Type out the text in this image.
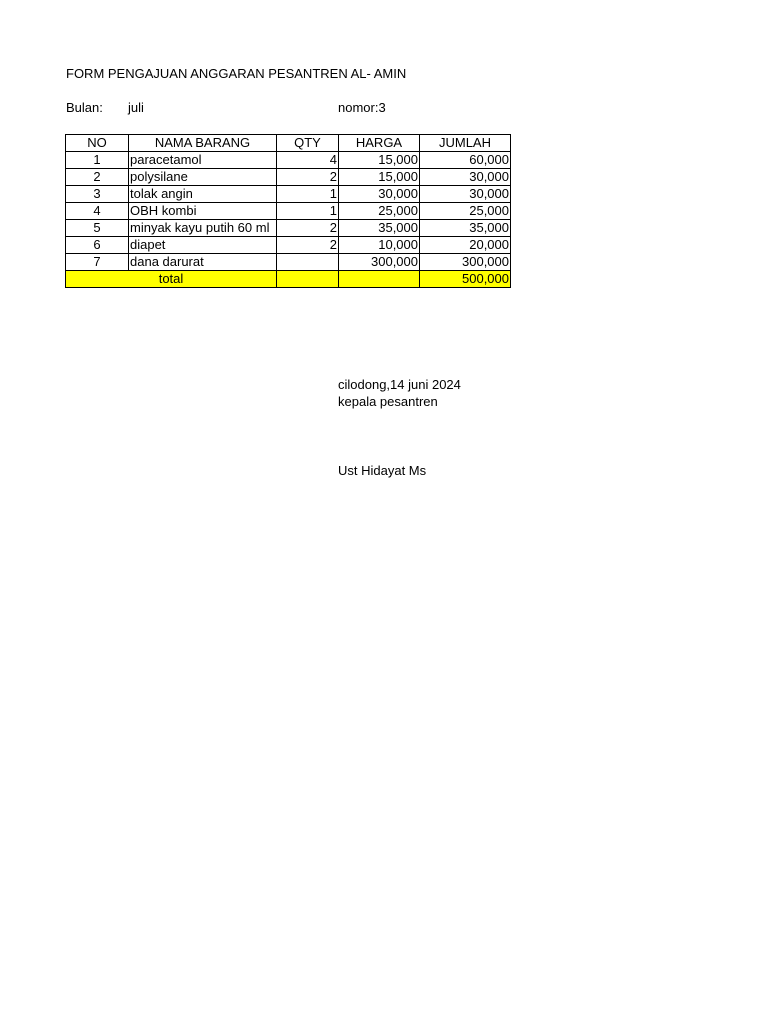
FORM PENGAJUAN ANGGARAN PESANTREN AL- AMIN
Bulan: juli	nomor:3
NO	NAMA BARANG	QTY	HARGA	JUMLAH
1	paracetamol	4	15,000	60,000
2	polysilane	2	15,000	30,000
3	tolak angin	1	30,000	30,000
4	OBH kombi	1	25,000	25,000
5	minyak kayu putih 60 ml	2	35,000	35,000
6	diapet	2	10,000	20,000
7	dana darurat		300,000	300,000
total				500,000
cilodong,14 juni 2024
kepala pesantren
Ust Hidayat Ms
